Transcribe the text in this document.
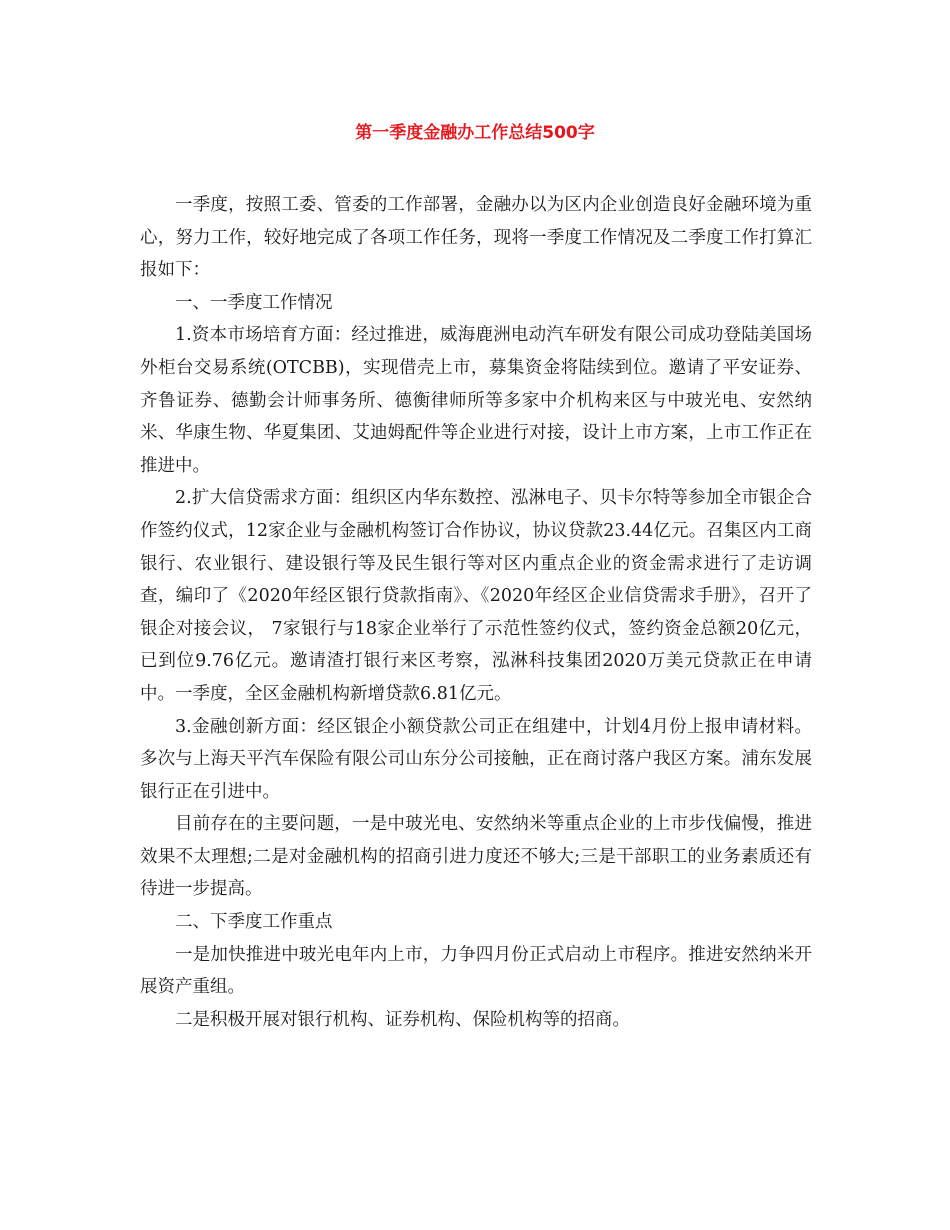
第一季度金融办工作总结500字

一季度，按照工委、管委的工作部署，金融办以为区内企业创造良好金融环境为重心，努力工作，较好地完成了各项工作任务，现将一季度工作情况及二季度工作打算汇报如下：

一、一季度工作情况

1.资本市场培育方面：经过推进，威海鹿洲电动汽车研发有限公司成功登陆美国场外柜台交易系统(OTCBB)，实现借壳上市，募集资金将陆续到位。邀请了平安证券、齐鲁证券、德勤会计师事务所、德衡律师所等多家中介机构来区与中玻光电、安然纳米、华康生物、华夏集团、艾迪姆配件等企业进行对接，设计上市方案，上市工作正在推进中。

2.扩大信贷需求方面：组织区内华东数控、泓淋电子、贝卡尔特等参加全市银企合作签约仪式，12家企业与金融机构签订合作协议，协议贷款23.44亿元。召集区内工商银行、农业银行、建设银行等及民生银行等对区内重点企业的资金需求进行了走访调查，编印了《2020年经区银行贷款指南》、《2020年经区企业信贷需求手册》，召开了银企对接会议， 7家银行与18家企业举行了示范性签约仪式，签约资金总额20亿元，已到位9.76亿元。邀请渣打银行来区考察，泓淋科技集团2020万美元贷款正在申请中。一季度，全区金融机构新增贷款6.81亿元。

3.金融创新方面：经区银企小额贷款公司正在组建中，计划4月份上报申请材料。多次与上海天平汽车保险有限公司山东分公司接触，正在商讨落户我区方案。浦东发展银行正在引进中。

目前存在的主要问题，一是中玻光电、安然纳米等重点企业的上市步伐偏慢，推进效果不太理想;二是对金融机构的招商引进力度还不够大;三是干部职工的业务素质还有待进一步提高。

二、下季度工作重点

一是加快推进中玻光电年内上市，力争四月份正式启动上市程序。推进安然纳米开展资产重组。

二是积极开展对银行机构、证券机构、保险机构等的招商。
